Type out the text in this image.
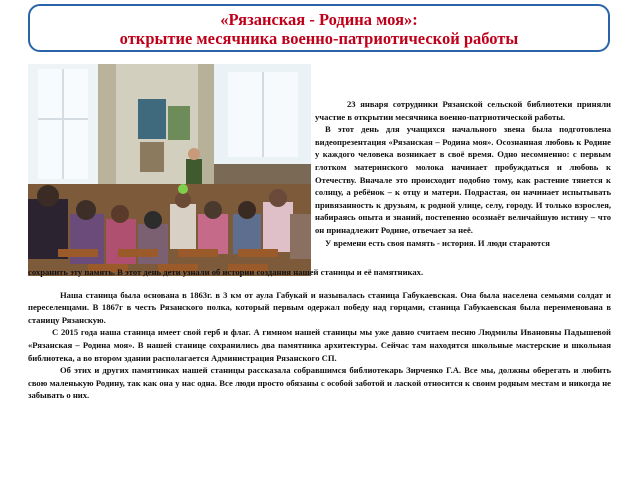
«Рязанская - Родина моя»:
открытие месячника военно-патриотической работы
23 января сотрудники Рязанской сельской библиотеки приняли участие в открытии месячника военно-патриотической работы.
В этот день для учащихся начального звена была подготовлена видеопрезентация «Рязанская – Родина моя». Осознанная любовь к Родине у каждого человека возникает в своё время. Одно несомненно: с первым глотком материнского молока начинает пробуждаться и любовь к Отечеству. Вначале это происходит подобно тому, как растение тянется к солнцу, а ребёнок – к отцу и матери. Подрастая, он начинает испытывать привязанность к друзьям, к родной улице, селу, городу. И только взрослея, набираясь опыта и знаний, постепенно осознаёт величайшую истину – что он принадлежит Родине, отвечает за неё.
У времени есть своя память - история. И люди стараются
сохранить эту память. В этот день дети узнали об истории создания нашей станицы и её памятниках.
Наша станица была основана в 1863г. в 3 км от аула Габукай и называлась станица Габукаевская. Она была населена семьями солдат и переселенцами. В 1867г в честь Рязанского полка, который первым одержал победу над горцами, станица Габукаевская была переименована в станицу Рязанскую.
С 2015 года наша станица имеет свой герб и флаг. А гимном нашей станицы мы уже давно считаем песню Людмилы Ивановны Падышевой «Рязанская – Родина моя». В нашей станице сохранились два памятника архитектуры. Сейчас там находятся школьные мастерские и школьная библиотека, а во втором здании располагается Администрация Рязанского СП.
Об этих и других памятниках нашей станицы рассказала собравшимся библиотекарь Зирченко Г.А. Все мы, должны оберегать и любить свою маленькую Родину, так как она у нас одна. Все люди просто обязаны с особой заботой и лаской относится к своим родным местам и никогда не забывать о них.
